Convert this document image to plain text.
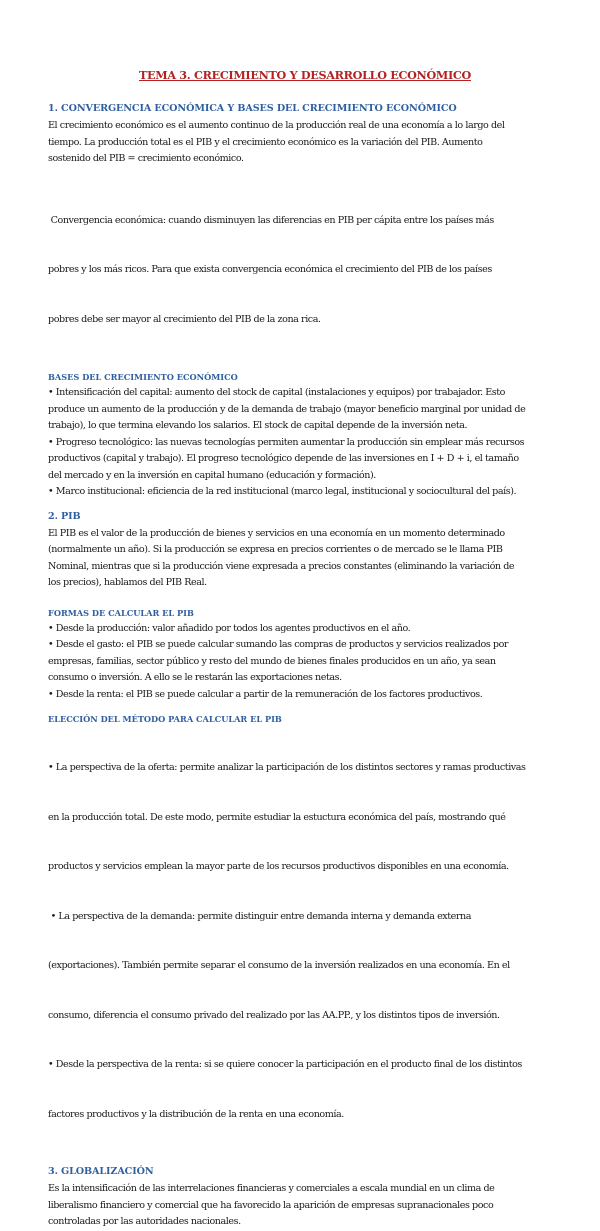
TEMA 3. CRECIMIENTO Y DESARROLLO ECONÓMICO
1. CONVERGENCIA ECONÓMICA Y BASES DEL CRECIMIENTO ECONÓMICO
El crecimiento económico es el aumento continuo de la producción real de una economía a lo largo del
tiempo. La producción total es el PIB y el crecimiento económico es la variación del PIB. Aumento
sostenido del PIB = crecimiento económico.

Convergencia económica: cuando disminuyen las diferencias en PIB per cápita entre los países más

pobres y los más ricos. Para que exista convergencia económica el crecimiento del PIB de los países

pobres debe ser mayor al crecimiento del PIB de la zona rica.

BASES DEL CRECIMIENTO ECONÓMICO
• Intensificación del capital: aumento del stock de capital (instalaciones y equipos) por trabajador. Esto
produce un aumento de la producción y de la demanda de trabajo (mayor beneficio marginal por unidad de
trabajo), lo que termina elevando los salarios. El stock de capital depende de la inversión neta.
• Progreso tecnológico: las nuevas tecnologías permiten aumentar la producción sin emplear más recursos
productivos (capital y trabajo). El progreso tecnológico depende de las inversiones en I + D + i, el tamaño
del mercado y en la inversión en capital humano (educación y formación).
• Marco institucional: eficiencia de la red institucional (marco legal, institucional y sociocultural del país).
2. PIB
El PIB es el valor de la producción de bienes y servicios en una economía en un momento determinado
(normalmente un año). Si la producción se expresa en precios corrientes o de mercado se le llama PIB
Nominal, mientras que si la producción viene expresada a precios constantes (eliminando la variación de
los precios), hablamos del PIB Real.
FORMAS DE CALCULAR EL PIB
• Desde la producción: valor añadido por todos los agentes productivos en el año.
• Desde el gasto: el PIB se puede calcular sumando las compras de productos y servicios realizados por
empresas, familias, sector público y resto del mundo de bienes finales producidos en un año, ya sean
consumo o inversión. A ello se le restarán las exportaciones netas.
• Desde la renta: el PIB se puede calcular a partir de la remuneración de los factores productivos.
ELECCIÓN DEL MÉTODO PARA CALCULAR EL PIB

• La perspectiva de la oferta: permite analizar la participación de los distintos sectores y ramas productivas

en la producción total. De este modo, permite estudiar la estuctura económica del país, mostrando qué

productos y servicios emplean la mayor parte de los recursos productivos disponibles en una economía.

• La perspectiva de la demanda: permite distinguir entre demanda interna y demanda externa

(exportaciones). También permite separar el consumo de la inversión realizados en una economía. En el

consumo, diferencia el consumo privado del realizado por las AA.PP., y los distintos tipos de inversión.

• Desde la perspectiva de la renta: si se quiere conocer la participación en el producto final de los distintos

factores productivos y la distribución de la renta en una economía.

3. GLOBALIZACIÓN
Es la intensificación de las interrelaciones financieras y comerciales a escala mundial en un clima de
liberalismo financiero y comercial que ha favorecido la aparición de empresas supranacionales poco
controladas por las autoridades nacionales.
